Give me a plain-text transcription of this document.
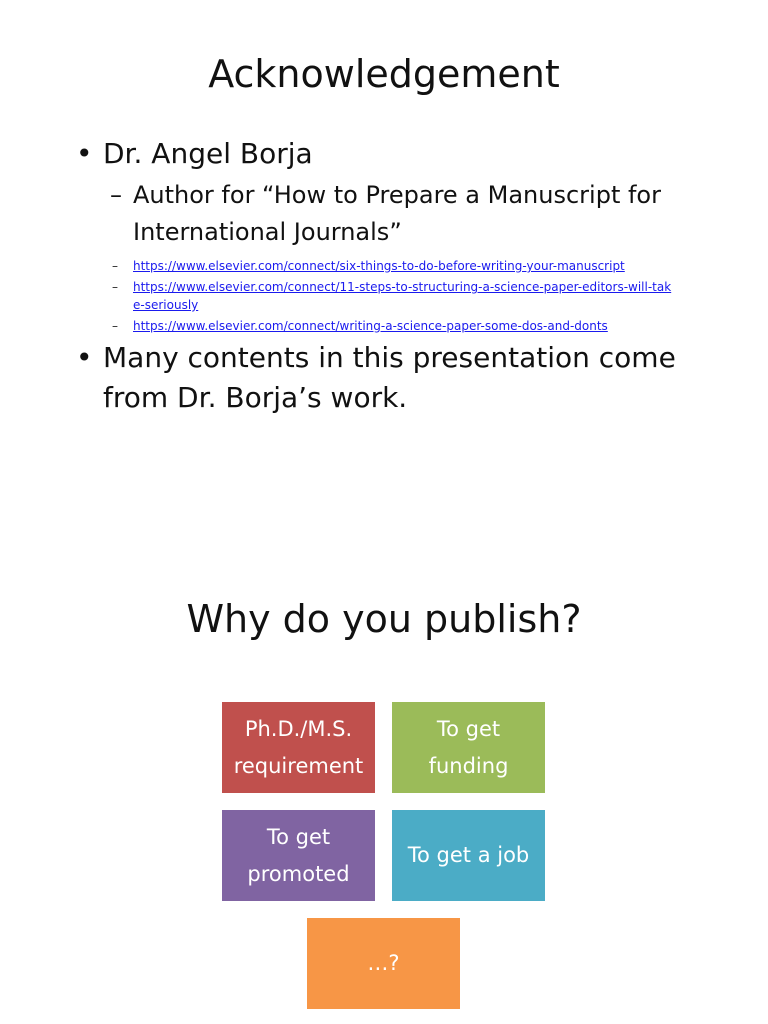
Acknowledgement
• Dr. Angel Borja
– Author for “How to Prepare a Manuscript for International Journals”
– https://www.elsevier.com/connect/six-things-to-do-before-writing-your-manuscript
– https://www.elsevier.com/connect/11-steps-to-structuring-a-science-paper-editors-will-take-seriously
– https://www.elsevier.com/connect/writing-a-science-paper-some-dos-and-donts
• Many contents in this presentation come from Dr. Borja’s work.
Why do you publish?
Ph.D./M.S.
requirement
To get
funding
To get
promoted
To get a job
…?
